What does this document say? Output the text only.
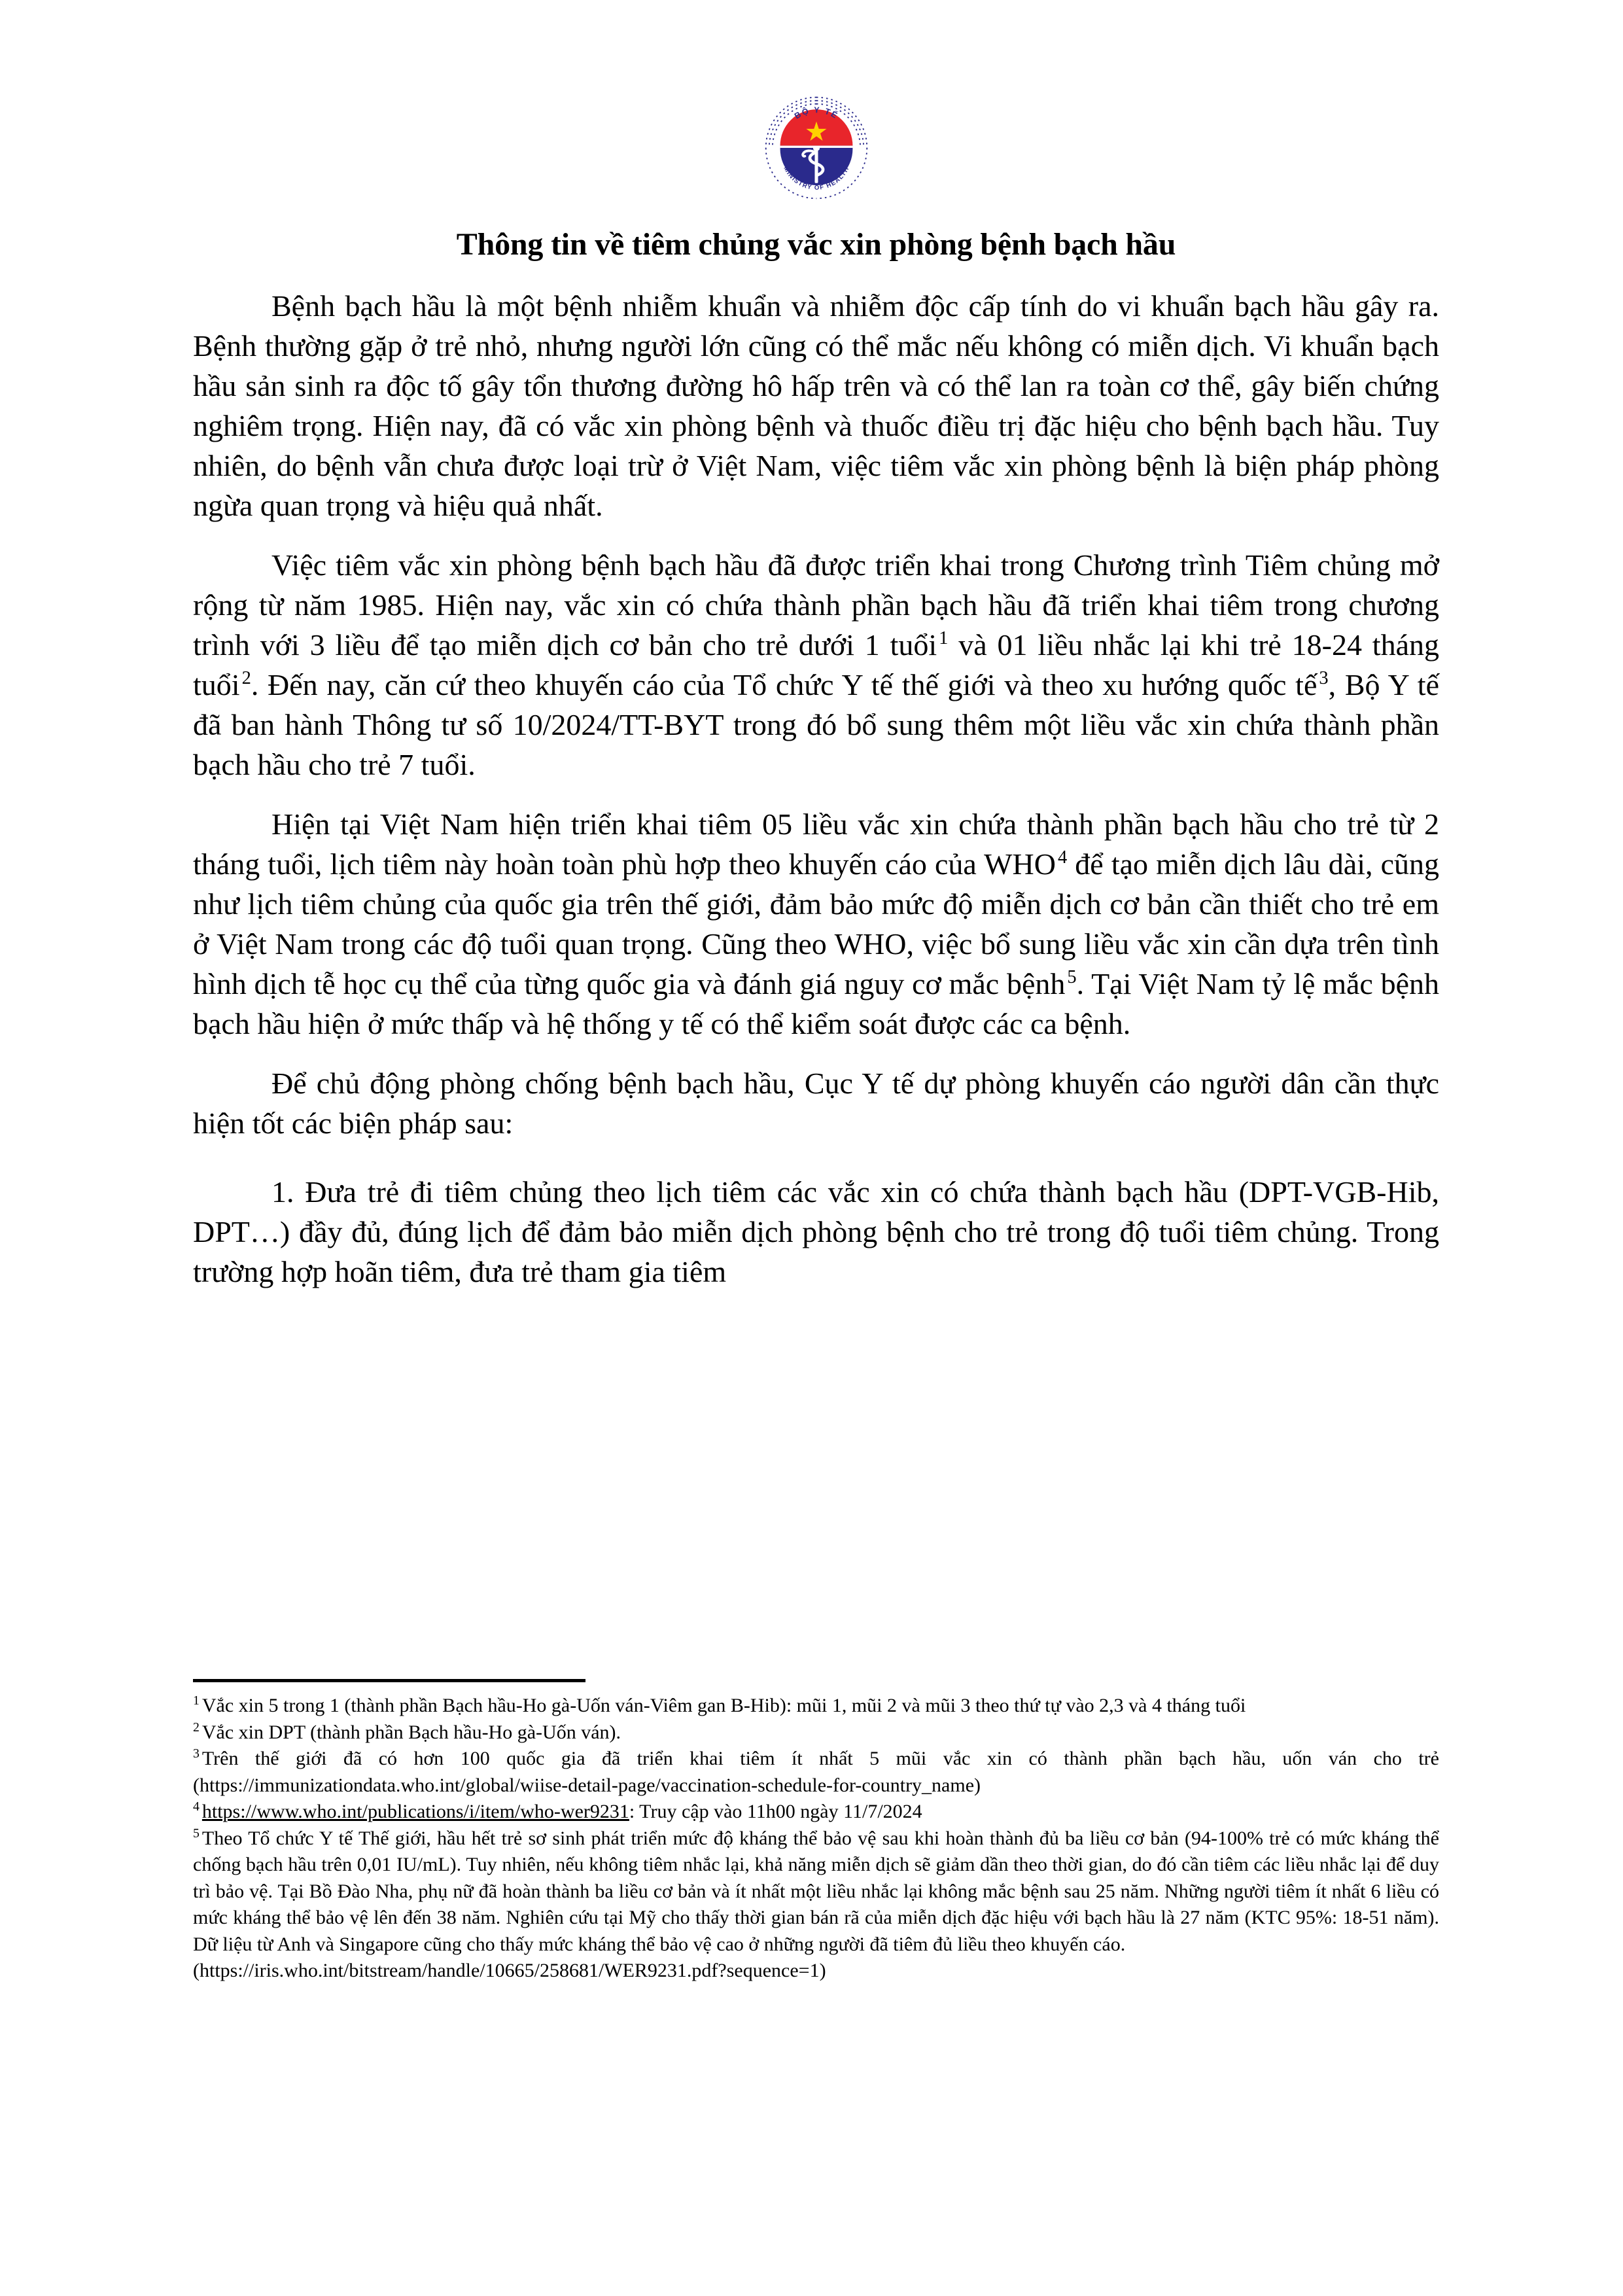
BỘ Y TẾ
MINISTRY OF HEALTH
Thông tin về tiêm chủng vắc xin phòng bệnh bạch hầu

Bệnh bạch hầu là một bệnh nhiễm khuẩn và nhiễm độc cấp tính do vi khuẩn bạch hầu gây ra. Bệnh thường gặp ở trẻ nhỏ, nhưng người lớn cũng có thể mắc nếu không có miễn dịch. Vi khuẩn bạch hầu sản sinh ra độc tố gây tổn thương đường hô hấp trên và có thể lan ra toàn cơ thể, gây biến chứng nghiêm trọng. Hiện nay, đã có vắc xin phòng bệnh và thuốc điều trị đặc hiệu cho bệnh bạch hầu. Tuy nhiên, do bệnh vẫn chưa được loại trừ ở Việt Nam, việc tiêm vắc xin phòng bệnh là biện pháp phòng ngừa quan trọng và hiệu quả nhất.

Việc tiêm vắc xin phòng bệnh bạch hầu đã được triển khai trong Chương trình Tiêm chủng mở rộng từ năm 1985. Hiện nay, vắc xin có chứa thành phần bạch hầu đã triển khai tiêm trong chương trình với 3 liều để tạo miễn dịch cơ bản cho trẻ dưới 1 tuổi $^1$ và 01 liều nhắc lại khi trẻ 18-24 tháng tuổi $^2$. Đến nay, căn cứ theo khuyến cáo của Tổ chức Y tế thế giới và theo xu hướng quốc tế $^3$, Bộ Y tế đã ban hành Thông tư số 10/2024/TT-BYT trong đó bổ sung thêm một liều vắc xin chứa thành phần bạch hầu cho trẻ 7 tuổi.

Hiện tại Việt Nam hiện triển khai tiêm 05 liều vắc xin chứa thành phần bạch hầu cho trẻ từ 2 tháng tuổi, lịch tiêm này hoàn toàn phù hợp theo khuyến cáo của WHO $^4$ để tạo miễn dịch lâu dài, cũng như lịch tiêm chủng của quốc gia trên thế giới, đảm bảo mức độ miễn dịch cơ bản cần thiết cho trẻ em ở Việt Nam trong các độ tuổi quan trọng. Cũng theo WHO, việc bổ sung liều vắc xin cần dựa trên tình hình dịch tễ học cụ thể của từng quốc gia và đánh giá nguy cơ mắc bệnh $^5$. Tại Việt Nam tỷ lệ mắc bệnh bạch hầu hiện ở mức thấp và hệ thống y tế có thể kiểm soát được các ca bệnh.

Để chủ động phòng chống bệnh bạch hầu, Cục Y tế dự phòng khuyến cáo người dân cần thực hiện tốt các biện pháp sau:

1. Đưa trẻ đi tiêm chủng theo lịch tiêm các vắc xin có chứa thành bạch hầu (DPT-VGB-Hib, DPT…) đầy đủ, đúng lịch để đảm bảo miễn dịch phòng bệnh cho trẻ trong độ tuổi tiêm chủng. Trong trường hợp hoãn tiêm, đưa trẻ tham gia tiêm

$^1$ Vắc xin 5 trong 1 (thành phần Bạch hầu-Ho gà-Uốn ván-Viêm gan B-Hib): mũi 1, mũi 2 và mũi 3 theo thứ tự vào 2,3 và 4 tháng tuổi

$^2$ Vắc xin DPT (thành phần Bạch hầu-Ho gà-Uốn ván).

$^3$ Trên thế giới đã có hơn 100 quốc gia đã triển khai tiêm ít nhất 5 mũi vắc xin có thành phần bạch hầu, uốn ván cho trẻ (https://immunizationdata.who.int/global/wiise-detail-page/vaccination-schedule-for-country_name)

$^4$ https://www.who.int/publications/i/item/who-wer9231: Truy cập vào 11h00 ngày 11/7/2024

$^5$ Theo Tổ chức Y tế Thế giới, hầu hết trẻ sơ sinh phát triển mức độ kháng thể bảo vệ sau khi hoàn thành đủ ba liều cơ bản (94-100% trẻ có mức kháng thể chống bạch hầu trên 0,01 IU/mL). Tuy nhiên, nếu không tiêm nhắc lại, khả năng miễn dịch sẽ giảm dần theo thời gian, do đó cần tiêm các liều nhắc lại để duy trì bảo vệ. Tại Bồ Đào Nha, phụ nữ đã hoàn thành ba liều cơ bản và ít nhất một liều nhắc lại không mắc bệnh sau 25 năm. Những người tiêm ít nhất 6 liều có mức kháng thể bảo vệ lên đến 38 năm. Nghiên cứu tại Mỹ cho thấy thời gian bán rã của miễn dịch đặc hiệu với bạch hầu là 27 năm (KTC 95%: 18-51 năm). Dữ liệu từ Anh và Singapore cũng cho thấy mức kháng thể bảo vệ cao ở những người đã tiêm đủ liều theo khuyến cáo.

(https://iris.who.int/bitstream/handle/10665/258681/WER9231.pdf?sequence=1)
